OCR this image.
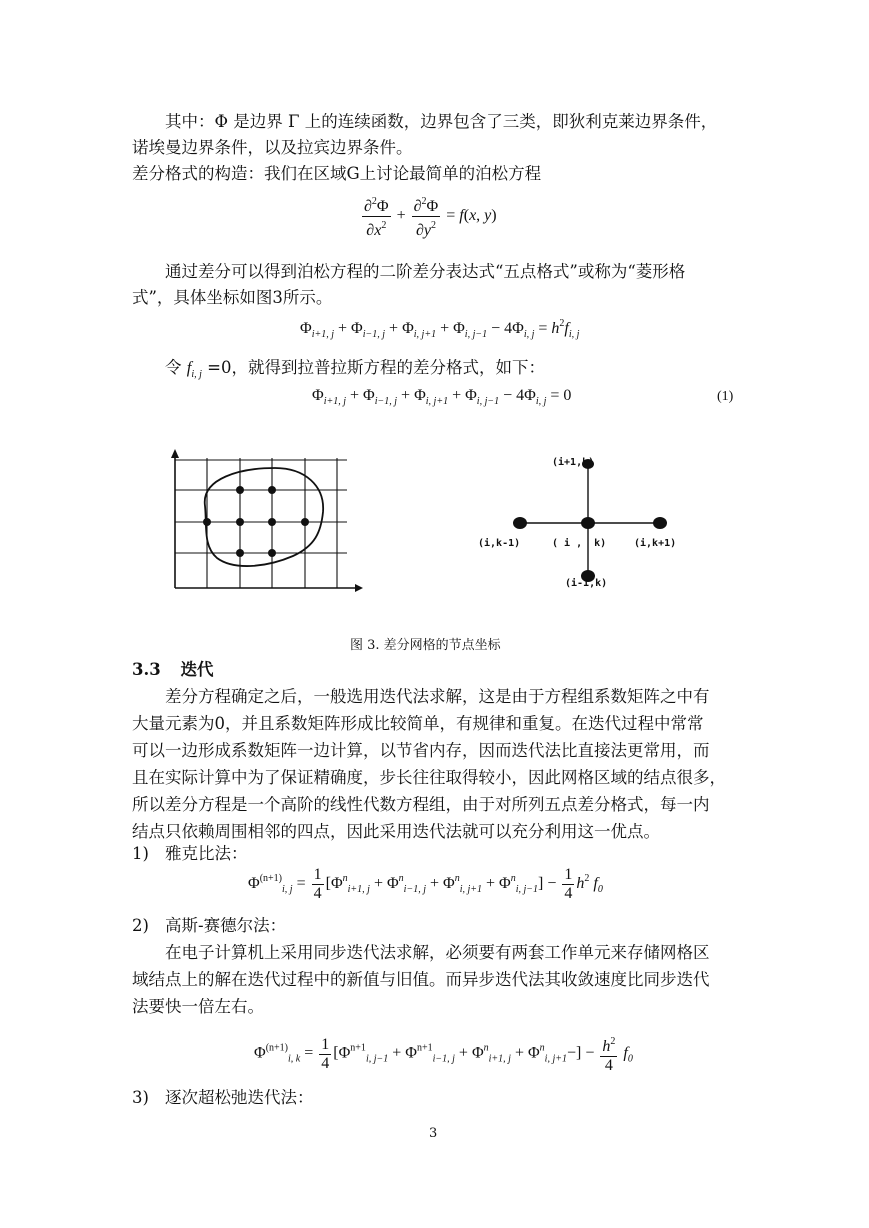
其中：Φ 是边界 Γ 上的连续函数，边界包含了三类，即狄利克莱边界条件，
诺埃曼边界条件，以及拉宾边界条件。
差分格式的构造：我们在区域G上讨论最简单的泊松方程
$\frac{\partial^2\Phi}{\partial x^2} + \frac{\partial^2\Phi}{\partial y^2} = f(x$, y)
通过差分可以得到泊松方程的二阶差分表达式“五点格式”或称为“菱形格
式”，具体坐标如图3所示。
$\Phi_{i+1, j} + \Phi_{i-1, j} + \Phi_{i, j+1} + \Phi_{i, j-1} - 4\Phi_{i, j} = h^2f_{i, j}$
令 $f_{i, j} =0$，就得到拉普拉斯方程的差分格式，如下：
$\Phi_{i+1, j} + \Phi_{i-1, j} + \Phi_{i, j+1} + \Phi_{i, j-1} - 4\Phi_{i, j} = 0$	(1)
(i+1,k)
(i,k-1)	( i ,  k)	(i,k+1)
(i-1,k)
图 3. 差分网格的节点坐标
3.3 迭代
差分方程确定之后，一般选用迭代法求解，这是由于方程组系数矩阵之中有
大量元素为0，并且系数矩阵形成比较简单，有规律和重复。在迭代过程中常常
可以一边形成系数矩阵一边计算，以节省内存，因而迭代法比直接法更常用，而
且在实际计算中为了保证精确度，步长往往取得较小，因此网格区域的结点很多，
所以差分方程是一个高阶的线性代数方程组，由于对所列五点差分格式，每一内
结点只依赖周围相邻的四点，因此采用迭代法就可以充分利用这一优点。
1) 雅克比法：
$\Phi^{(n+1)}_{i, j} = \frac{1}{4} [\Phi^n_{i+1, j} + \Phi^n_{i-1, j} + \Phi^n_{i, j+1} + \Phi^n_{i, j-1}] - \frac{1}{4} h^2$ $f_0$
2) 高斯-赛德尔法：
在电子计算机上采用同步迭代法求解，必须要有两套工作单元来存储网格区
域结点上的解在迭代过程中的新值与旧值。而异步迭代法其收敛速度比同步迭代
法要快一倍左右。
$\Phi^{(n+1)}_{i, k} = \frac{1}{4} [\Phi^{n+1}_{i, j-1} + \Phi^{n+1}_{i-1, j} + \Phi^n_{i+1, j} + \Phi^n_{i, j+1}-] - \frac{h^2}{4} f_0$
3) 逐次超松弛迭代法：
3
